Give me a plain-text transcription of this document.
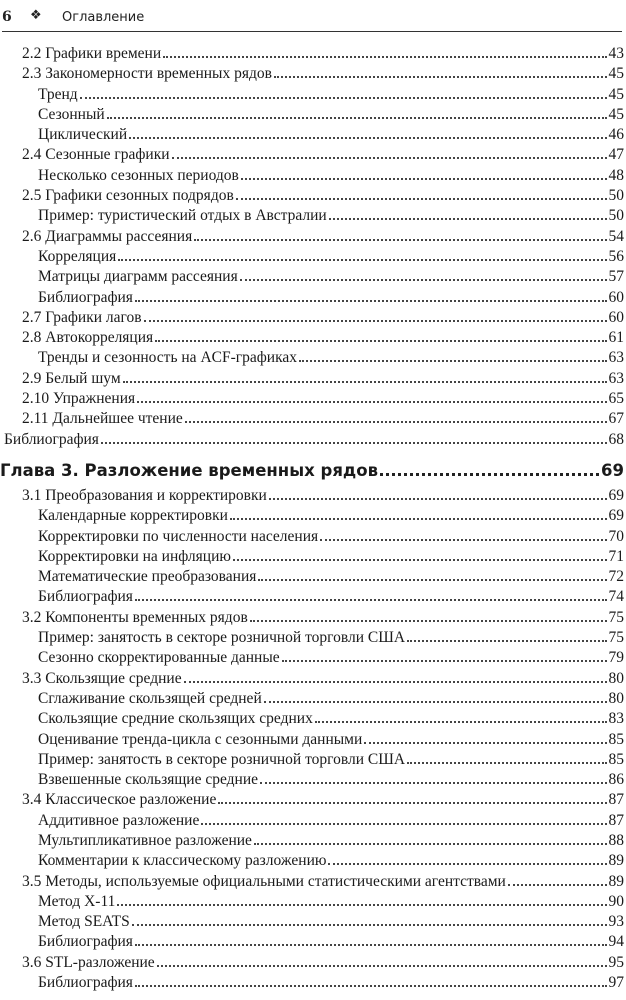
6 ❖ Оглавление
2.2 Графики времени	43
2.3 Закономерности временных рядов	45
Тренд	45
Сезонный	45
Циклический	46
2.4 Сезонные графики	47
Несколько сезонных периодов	48
2.5 Графики сезонных подрядов	50
Пример: туристический отдых в Австралии	50
2.6 Диаграммы рассеяния	54
Корреляция	56
Матрицы диаграмм рассеяния	57
Библиография	60
2.7 Графики лагов	60
2.8 Автокорреляция	61
Тренды и сезонность на ACF-графиках	63
2.9 Белый шум	63
2.10 Упражнения	65
2.11 Дальнейшее чтение	67
Библиография	68
Глава 3. Разложение временных рядов	69
3.1 Преобразования и корректировки	69
Календарные корректировки	69
Корректировки по численности населения	70
Корректировки на инфляцию	71
Математические преобразования	72
Библиография	74
3.2 Компоненты временных рядов	75
Пример: занятость в секторе розничной торговли США	75
Сезонно скорректированные данные	79
3.3 Скользящие средние	80
Сглаживание скользящей средней	80
Скользящие средние скользящих средних	83
Оценивание тренда-цикла с сезонными данными	85
Пример: занятость в секторе розничной торговли США	85
Взвешенные скользящие средние	86
3.4 Классическое разложение	87
Аддитивное разложение	87
Мультипликативное разложение	88
Комментарии к классическому разложению	89
3.5 Методы, используемые официальными статистическими агентствами	89
Метод X-11	90
Метод SEATS	93
Библиография	94
3.6 STL-разложение	95
Библиография	97
